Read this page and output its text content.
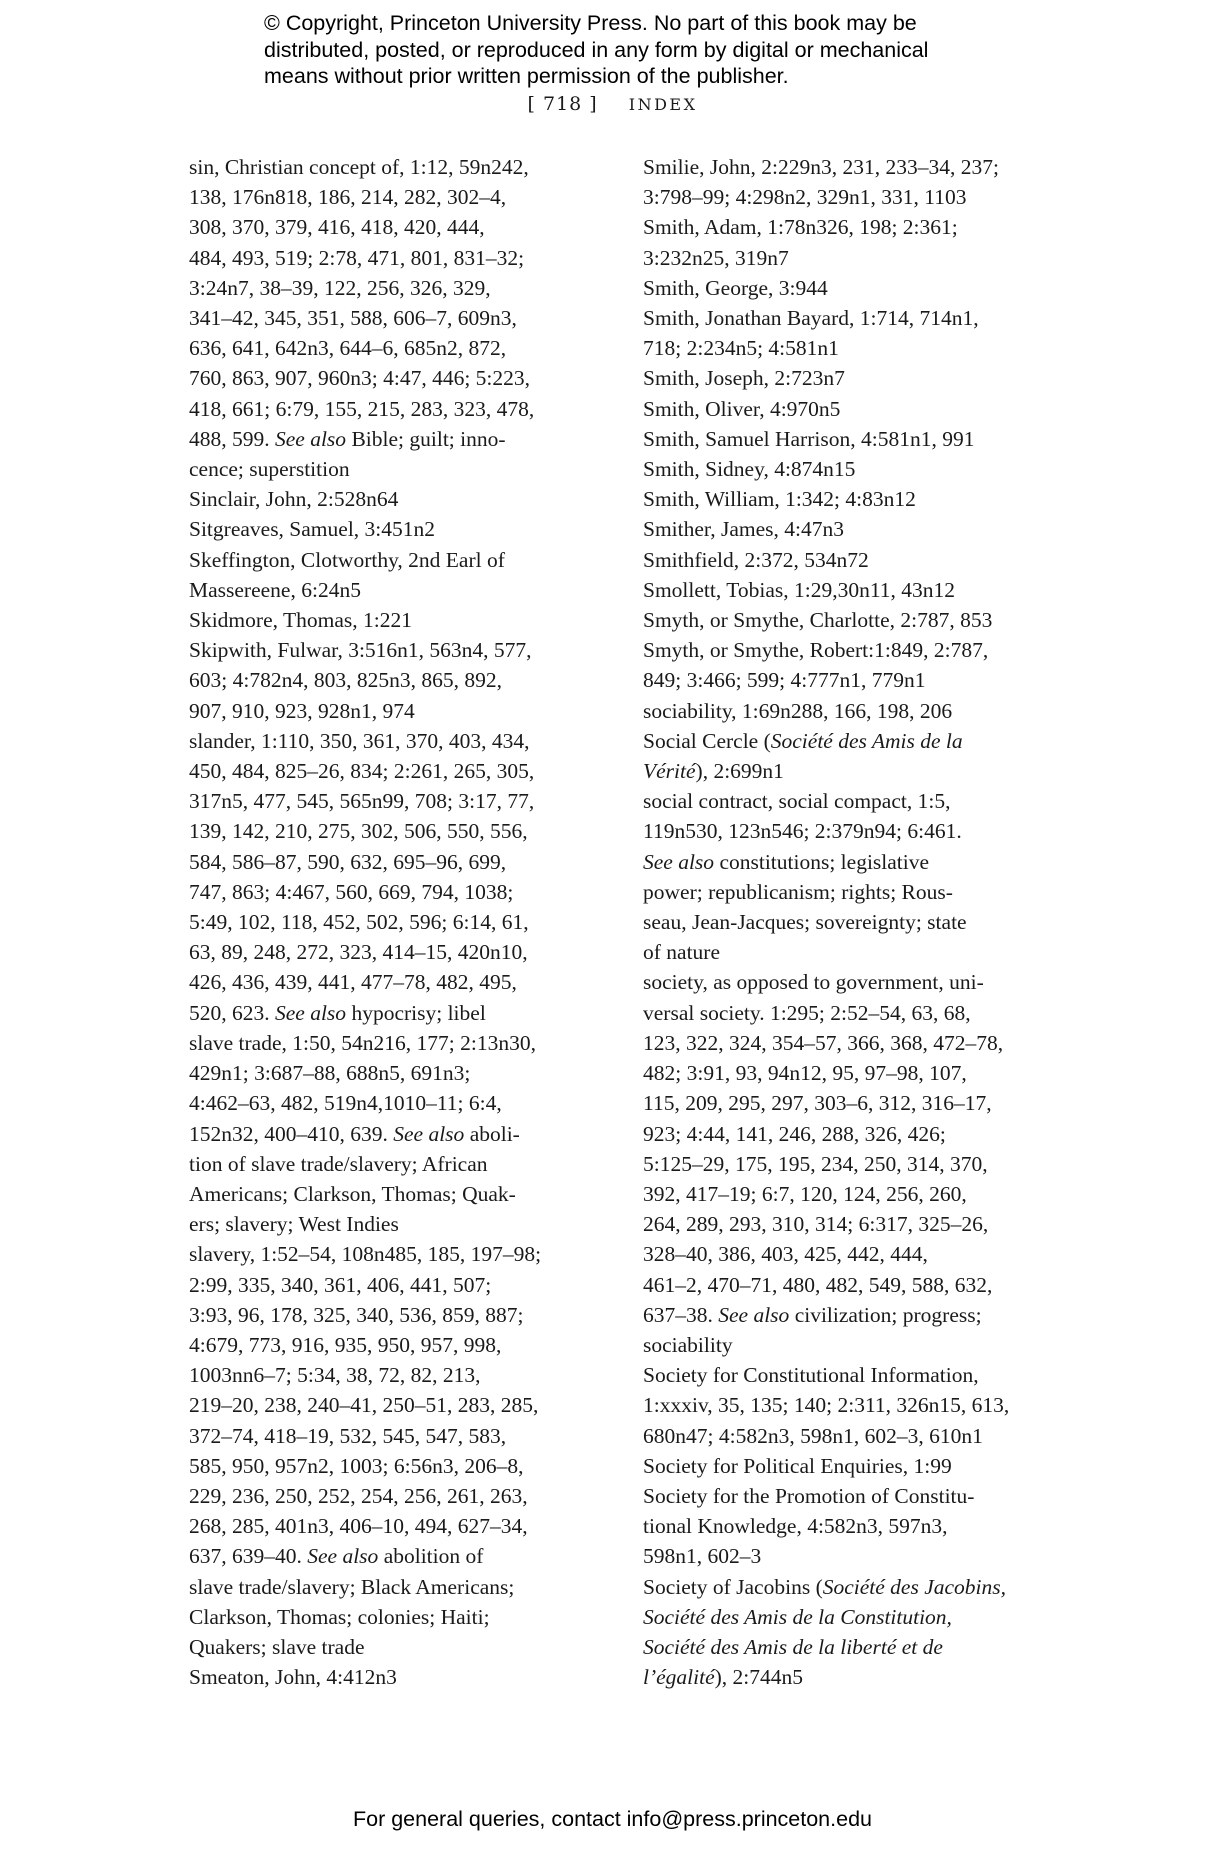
© Copyright, Princeton University Press. No part of this book may be
distributed, posted, or reproduced in any form by digital or mechanical
means without prior written permission of the publisher.
[ 718 ] INDEX
sin, Christian concept of, 1:12, 59n242,
138, 176n818, 186, 214, 282, 302–4,
308, 370, 379, 416, 418, 420, 444,
484, 493, 519; 2:78, 471, 801, 831–32;
3:24n7, 38–39, 122, 256, 326, 329,
341–42, 345, 351, 588, 606–7, 609n3,
636, 641, 642n3, 644–6, 685n2, 872,
760, 863, 907, 960n3; 4:47, 446; 5:223,
418, 661; 6:79, 155, 215, 283, 323, 478,
488, 599. See also Bible; guilt; inno-
cence; superstition
Sinclair, John, 2:528n64
Sitgreaves, Samuel, 3:451n2
Skeffington, Clotworthy, 2nd Earl of
Massereene, 6:24n5
Skidmore, Thomas, 1:221
Skipwith, Fulwar, 3:516n1, 563n4, 577,
603; 4:782n4, 803, 825n3, 865, 892,
907, 910, 923, 928n1, 974
slander, 1:110, 350, 361, 370, 403, 434,
450, 484, 825–26, 834; 2:261, 265, 305,
317n5, 477, 545, 565n99, 708; 3:17, 77,
139, 142, 210, 275, 302, 506, 550, 556,
584, 586–87, 590, 632, 695–96, 699,
747, 863; 4:467, 560, 669, 794, 1038;
5:49, 102, 118, 452, 502, 596; 6:14, 61,
63, 89, 248, 272, 323, 414–15, 420n10,
426, 436, 439, 441, 477–78, 482, 495,
520, 623. See also hypocrisy; libel
slave trade, 1:50, 54n216, 177; 2:13n30,
429n1; 3:687–88, 688n5, 691n3;
4:462–63, 482, 519n4,1010–11; 6:4,
152n32, 400–410, 639. See also aboli-
tion of slave trade/slavery; African
Americans; Clarkson, Thomas; Quak-
ers; slavery; West Indies
slavery, 1:52–54, 108n485, 185, 197–98;
2:99, 335, 340, 361, 406, 441, 507;
3:93, 96, 178, 325, 340, 536, 859, 887;
4:679, 773, 916, 935, 950, 957, 998,
1003nn6–7; 5:34, 38, 72, 82, 213,
219–20, 238, 240–41, 250–51, 283, 285,
372–74, 418–19, 532, 545, 547, 583,
585, 950, 957n2, 1003; 6:56n3, 206–8,
229, 236, 250, 252, 254, 256, 261, 263,
268, 285, 401n3, 406–10, 494, 627–34,
637, 639–40. See also abolition of
slave trade/slavery; Black Americans;
Clarkson, Thomas; colonies; Haiti;
Quakers; slave trade
Smeaton, John, 4:412n3
Smilie, John, 2:229n3, 231, 233–34, 237;
3:798–99; 4:298n2, 329n1, 331, 1103
Smith, Adam, 1:78n326, 198; 2:361;
3:232n25, 319n7
Smith, George, 3:944
Smith, Jonathan Bayard, 1:714, 714n1,
718; 2:234n5; 4:581n1
Smith, Joseph, 2:723n7
Smith, Oliver, 4:970n5
Smith, Samuel Harrison, 4:581n1, 991
Smith, Sidney, 4:874n15
Smith, William, 1:342; 4:83n12
Smither, James, 4:47n3
Smithfield, 2:372, 534n72
Smollett, Tobias, 1:29,30n11, 43n12
Smyth, or Smythe, Charlotte, 2:787, 853
Smyth, or Smythe, Robert:1:849, 2:787,
849; 3:466; 599; 4:777n1, 779n1
sociability, 1:69n288, 166, 198, 206
Social Cercle (Société des Amis de la
Vérité), 2:699n1
social contract, social compact, 1:5,
119n530, 123n546; 2:379n94; 6:461.
See also constitutions; legislative
power; republicanism; rights; Rous-
seau, Jean-Jacques; sovereignty; state
of nature
society, as opposed to government, uni-
versal society. 1:295; 2:52–54, 63, 68,
123, 322, 324, 354–57, 366, 368, 472–78,
482; 3:91, 93, 94n12, 95, 97–98, 107,
115, 209, 295, 297, 303–6, 312, 316–17,
923; 4:44, 141, 246, 288, 326, 426;
5:125–29, 175, 195, 234, 250, 314, 370,
392, 417–19; 6:7, 120, 124, 256, 260,
264, 289, 293, 310, 314; 6:317, 325–26,
328–40, 386, 403, 425, 442, 444,
461–2, 470–71, 480, 482, 549, 588, 632,
637–38. See also civilization; progress;
sociability
Society for Constitutional Information,
1:xxxiv, 35, 135; 140; 2:311, 326n15, 613,
680n47; 4:582n3, 598n1, 602–3, 610n1
Society for Political Enquiries, 1:99
Society for the Promotion of Constitu-
tional Knowledge, 4:582n3, 597n3,
598n1, 602–3
Society of Jacobins (Société des Jacobins,
Société des Amis de la Constitution,
Société des Amis de la liberté et de
l’égalité), 2:744n5
For general queries, contact info@press.princeton.edu
